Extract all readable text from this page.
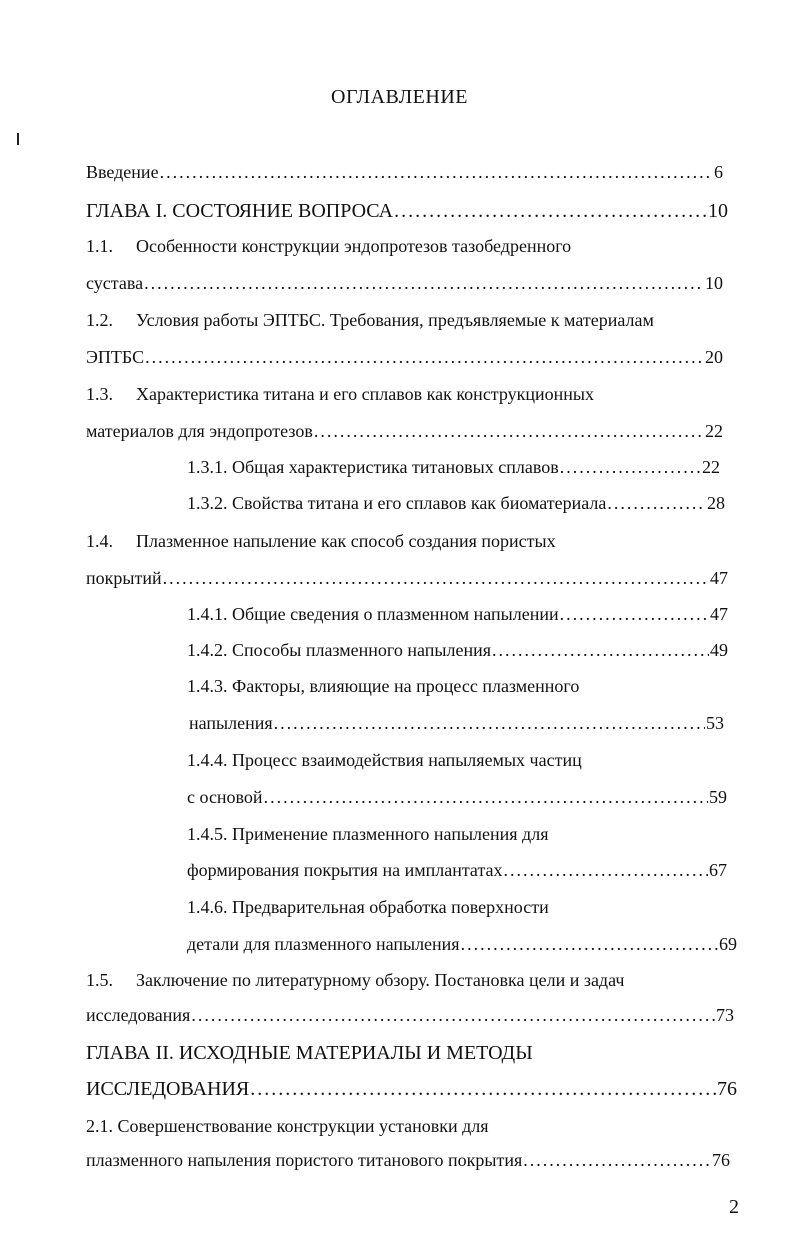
ОГЛАВЛЕНИЕ
Введение .....	6
ГЛАВА I. СОСТОЯНИЕ ВОПРОСА .....	10
1.1. Особенности конструкции эндопротезов тазобедренного
сустава .....	10
1.2. Условия работы ЭПТБС. Требования, предъявляемые к материалам
ЭПТБС .....	20
1.3. Характеристика титана и его сплавов как конструкционных
материалов для эндопротезов .....	22
1.3.1. Общая характеристика титановых сплавов .....	22
1.3.2. Свойства титана и его сплавов как биоматериала .....	28
1.4. Плазменное напыление как способ создания пористых
покрытий .....	47
1.4.1. Общие сведения о плазменном напылении .....	47
1.4.2. Способы плазменного напыления .....	49
1.4.3. Факторы, влияющие на процесс плазменного
напыления .....	53
1.4.4. Процесс взаимодействия напыляемых частиц
с основой .....	59
1.4.5. Применение плазменного напыления для
формирования покрытия на имплантатах .....	67
1.4.6. Предварительная обработка поверхности
детали для плазменного напыления .....	69
1.5. Заключение по литературному обзору. Постановка цели и задач
исследования .....	73
ГЛАВА II. ИСХОДНЫЕ МАТЕРИАЛЫ И МЕТОДЫ
ИССЛЕДОВАНИЯ .....	76
2.1. Совершенствование конструкции установки для
плазменного напыления пористого титанового покрытия .....	76
2
